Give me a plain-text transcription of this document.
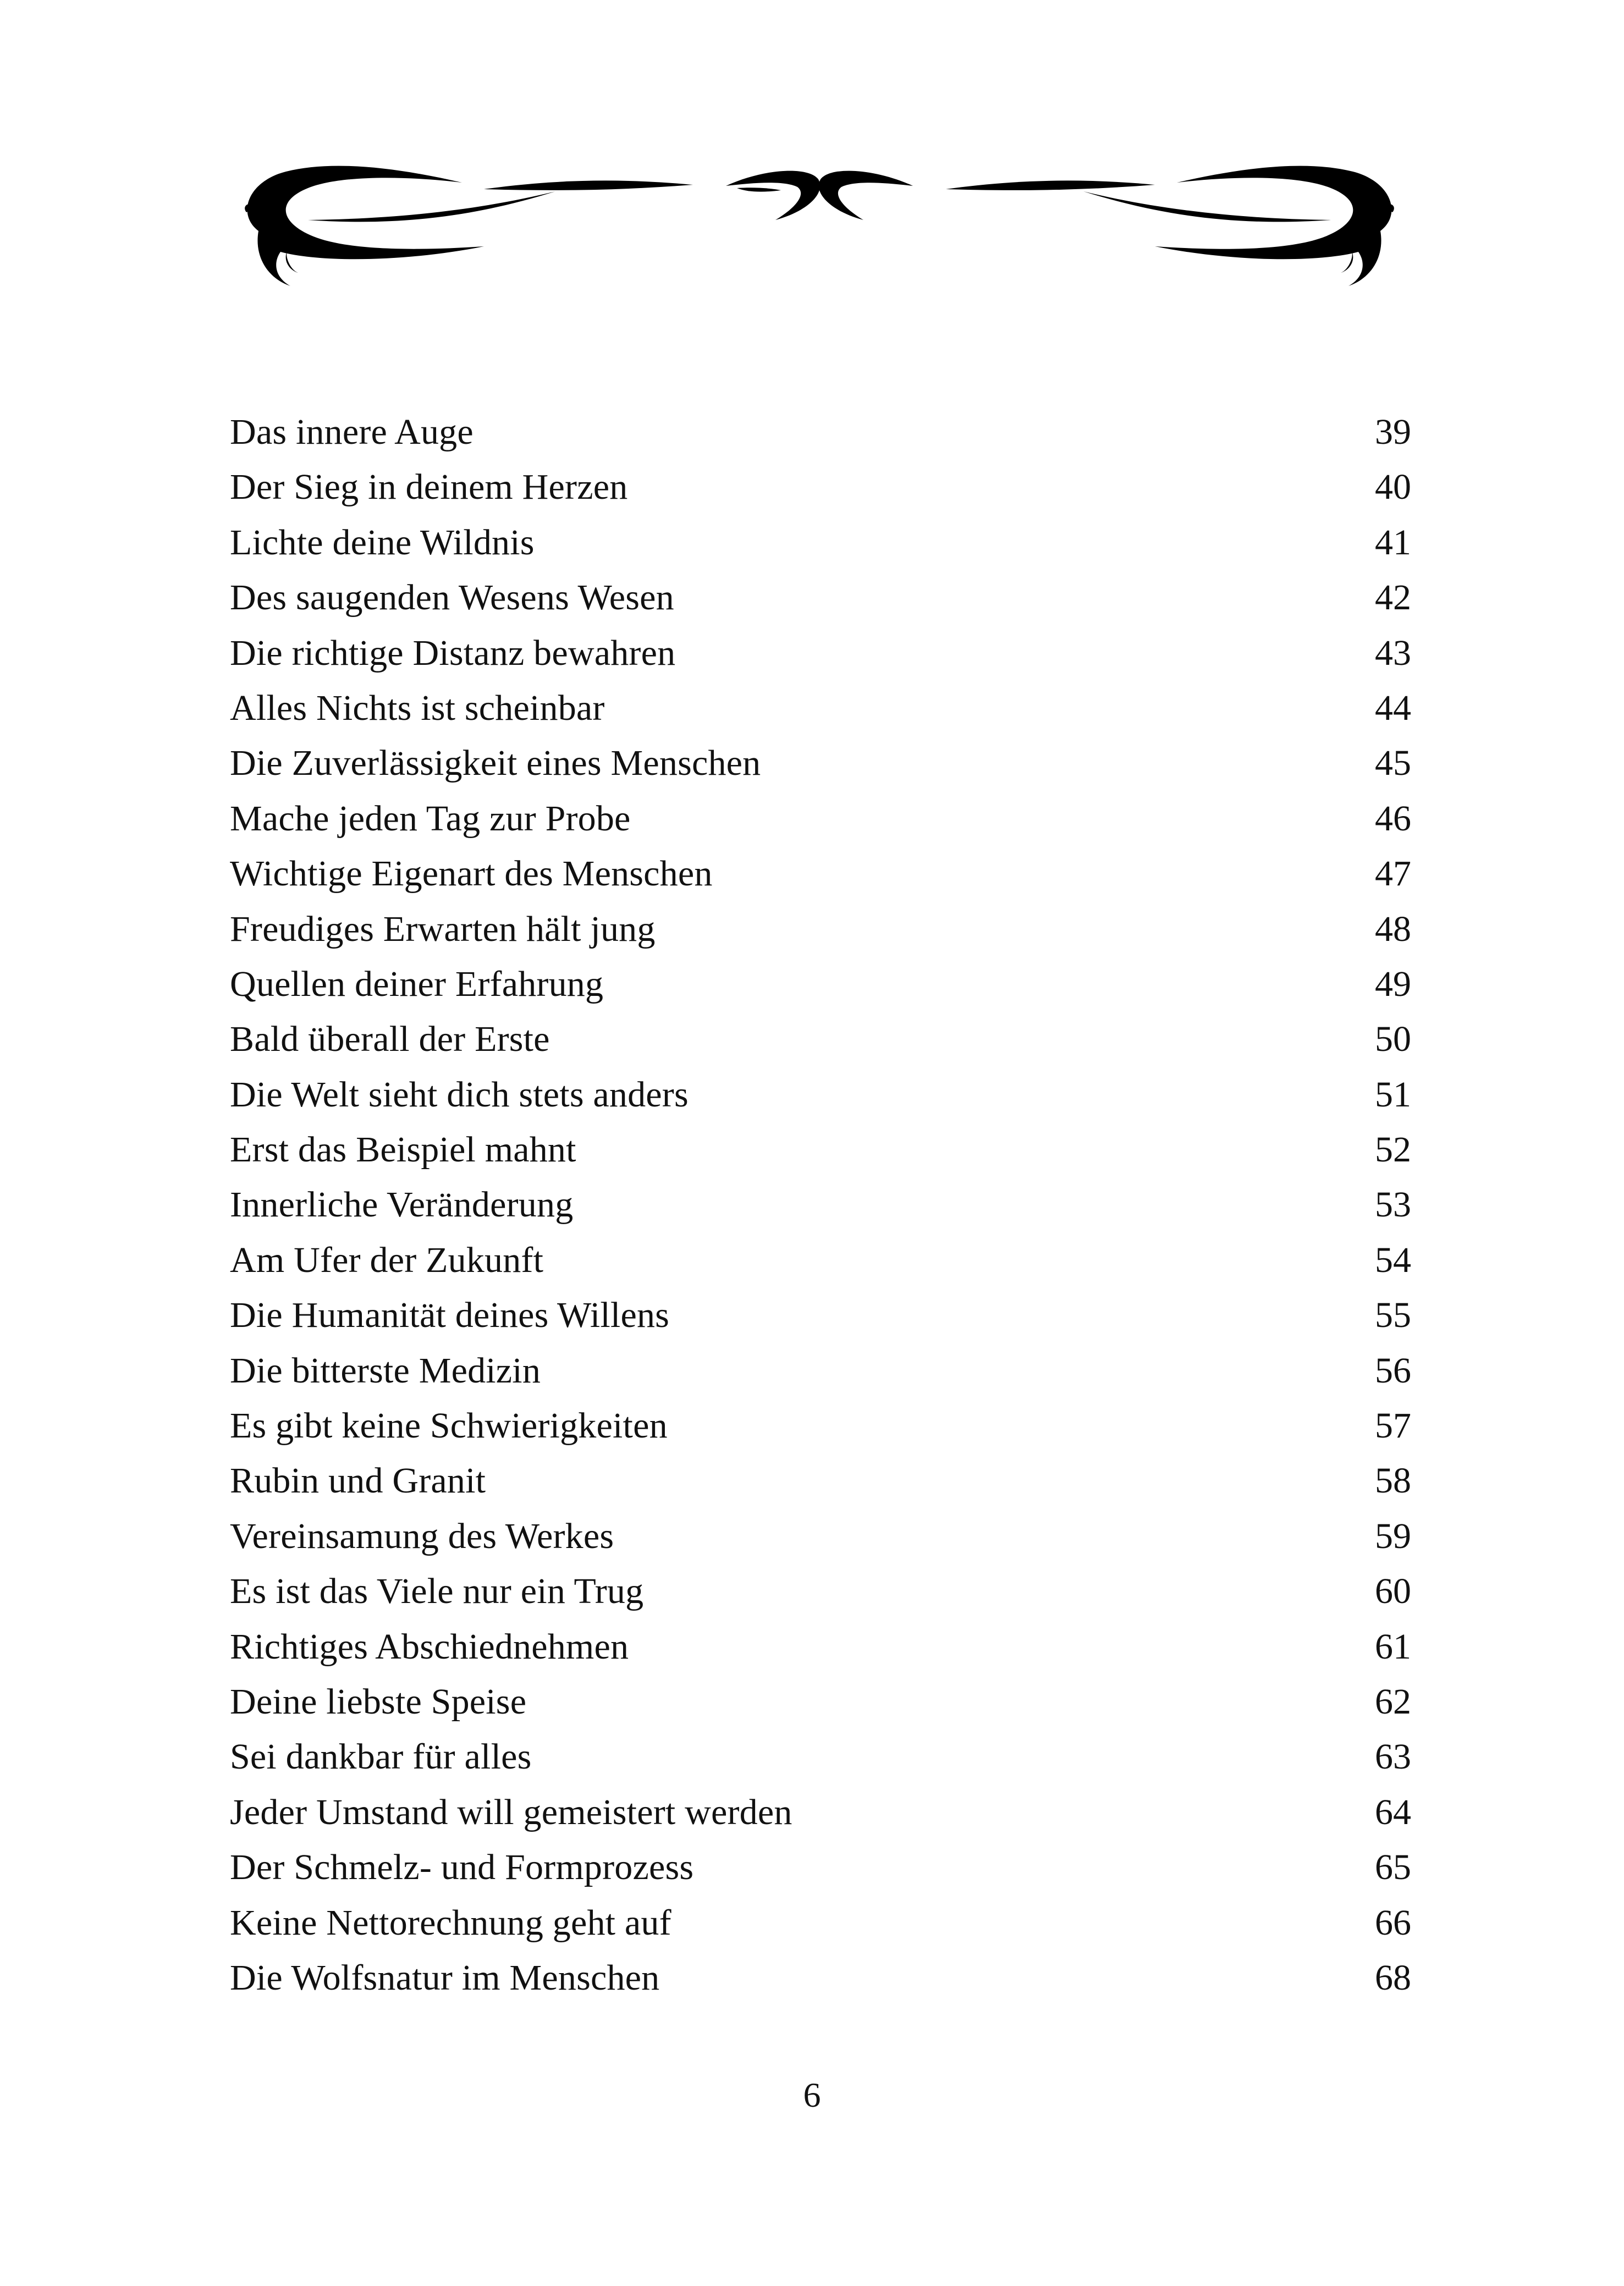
Das innere Auge	39
Der Sieg in deinem Herzen	40
Lichte deine Wildnis	41
Des saugenden Wesens Wesen	42
Die richtige Distanz bewahren	43
Alles Nichts ist scheinbar	44
Die Zuverlässigkeit eines Menschen	45
Mache jeden Tag zur Probe	46
Wichtige Eigenart des Menschen	47
Freudiges Erwarten hält jung	48
Quellen deiner Erfahrung	49
Bald überall der Erste	50
Die Welt sieht dich stets anders	51
Erst das Beispiel mahnt	52
Innerliche Veränderung	53
Am Ufer der Zukunft	54
Die Humanität deines Willens	55
Die bitterste Medizin	56
Es gibt keine Schwierigkeiten	57
Rubin und Granit	58
Vereinsamung des Werkes	59
Es ist das Viele nur ein Trug	60
Richtiges Abschiednehmen	61
Deine liebste Speise	62
Sei dankbar für alles	63
Jeder Umstand will gemeistert werden	64
Der Schmelz- und Formprozess	65
Keine Nettorechnung geht auf	66
Die Wolfsnatur im Menschen	68
6
